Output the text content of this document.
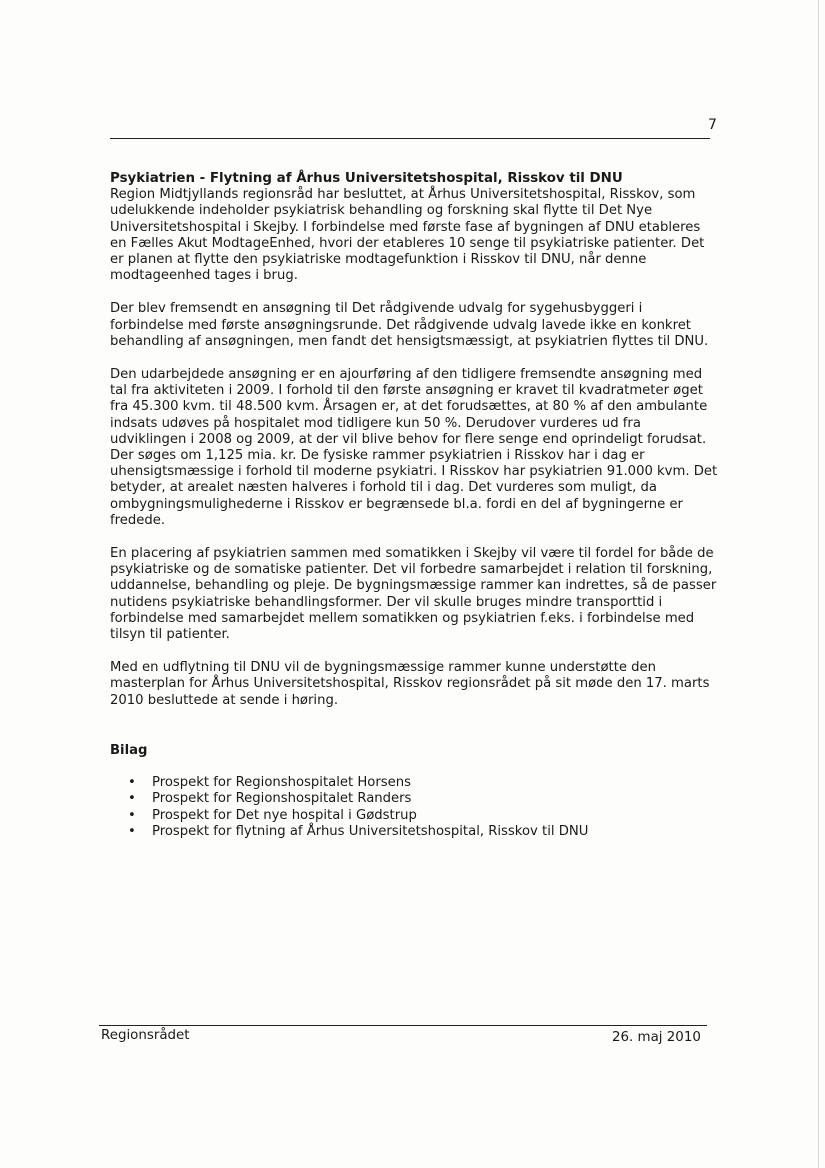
7
Psykiatrien - Flytning af Århus Universitetshospital, Risskov til DNU
Region Midtjyllands regionsråd har besluttet, at Århus Universitetshospital, Risskov, som udelukkende indeholder psykiatrisk behandling og forskning skal flytte til Det Nye Universitetshospital i Skejby. I forbindelse med første fase af bygningen af DNU etableres en Fælles Akut ModtageEnhed, hvori der etableres 10 senge til psykiatriske patienter. Det er planen at flytte den psykiatriske modtagefunktion i Risskov til DNU, når denne modtageenhed tages i brug.
Der blev fremsendt en ansøgning til Det rådgivende udvalg for sygehusbyggeri i forbindelse med første ansøgningsrunde. Det rådgivende udvalg lavede ikke en konkret behandling af ansøgningen, men fandt det hensigtsmæssigt, at psykiatrien flyttes til DNU.
Den udarbejdede ansøgning er en ajourføring af den tidligere fremsendte ansøgning med tal fra aktiviteten i 2009. I forhold til den første ansøgning er kravet til kvadratmeter øget fra 45.300 kvm. til 48.500 kvm. Årsagen er, at det forudsættes, at 80 % af den ambulante indsats udøves på hospitalet mod tidligere kun 50 %. Derudover vurderes ud fra udviklingen i 2008 og 2009, at der vil blive behov for flere senge end oprindeligt forudsat. Der søges om 1,125 mia. kr. De fysiske rammer psykiatrien i Risskov har i dag er uhensigtsmæssige i forhold til moderne psykiatri. I Risskov har psykiatrien 91.000 kvm. Det betyder, at arealet næsten halveres i forhold til i dag. Det vurderes som muligt, da ombygningsmulighederne i Risskov er begrænsede bl.a. fordi en del af bygningerne er fredede.
En placering af psykiatrien sammen med somatikken i Skejby vil være til fordel for både de psykiatriske og de somatiske patienter. Det vil forbedre samarbejdet i relation til forskning, uddannelse, behandling og pleje. De bygningsmæssige rammer kan indrettes, så de passer nutidens psykiatriske behandlingsformer. Der vil skulle bruges mindre transporttid i forbindelse med samarbejdet mellem somatikken og psykiatrien f.eks. i forbindelse med tilsyn til patienter.
Med en udflytning til DNU vil de bygningsmæssige rammer kunne understøtte den masterplan for Århus Universitetshospital, Risskov regionsrådet på sit møde den 17. marts 2010 besluttede at sende i høring.
Bilag
• Prospekt for Regionshospitalet Horsens
• Prospekt for Regionshospitalet Randers
• Prospekt for Det nye hospital i Gødstrup
• Prospekt for flytning af Århus Universitetshospital, Risskov til DNU
Regionsrådet	26. maj 2010
